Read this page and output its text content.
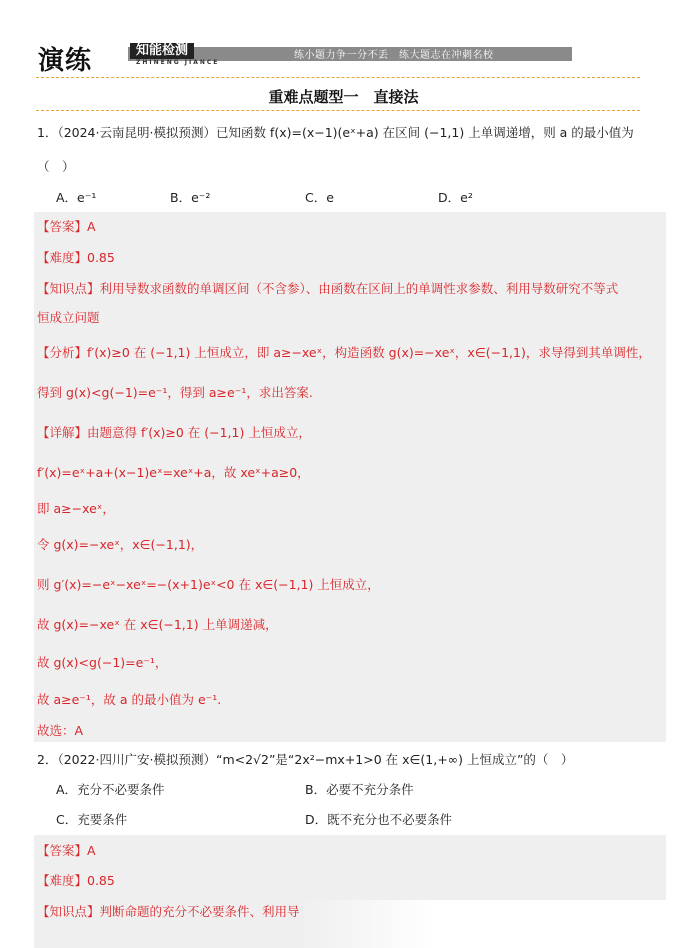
演练	知能检测
ZHINENG JIANCE
练小题力争一分不丢　练大题志在冲刺名校
重难点题型一　直接法
1．（2024·云南昆明·模拟预测）已知函数 f(x)=(x−1)(eˣ+a) 在区间 (−1,1) 上单调递增，则 a 的最小值为
（　）
A．e⁻¹	B．e⁻²	C．e	D．e²
【答案】A
【难度】0.85
【知识点】利用导数求函数的单调区间（不含参）、由函数在区间上的单调性求参数、利用导数研究不等式
恒成立问题
【分析】f′(x)≥0 在 (−1,1) 上恒成立，即 a≥−xeˣ，构造函数 g(x)=−xeˣ，x∈(−1,1)，求导得到其单调性，
得到 g(x)<g(−1)=e⁻¹，得到 a≥e⁻¹，求出答案.
【详解】由题意得 f′(x)≥0 在 (−1,1) 上恒成立，
f′(x)=eˣ+a+(x−1)eˣ=xeˣ+a，故 xeˣ+a≥0，
即 a≥−xeˣ，
令 g(x)=−xeˣ，x∈(−1,1)，
则 g′(x)=−eˣ−xeˣ=−(x+1)eˣ<0 在 x∈(−1,1) 上恒成立，
故 g(x)=−xeˣ 在 x∈(−1,1) 上单调递减，
故 g(x)<g(−1)=e⁻¹，
故 a≥e⁻¹，故 a 的最小值为 e⁻¹.
故选：A
2．（2022·四川广安·模拟预测）“m<2√2”是“2x²−mx+1>0 在 x∈(1,+∞) 上恒成立”的（　）
A．充分不必要条件	B．必要不充分条件
C．充要条件	D．既不充分也不必要条件
【答案】A
【难度】0.85
【知识点】判断命题的充分不必要条件、利用导
